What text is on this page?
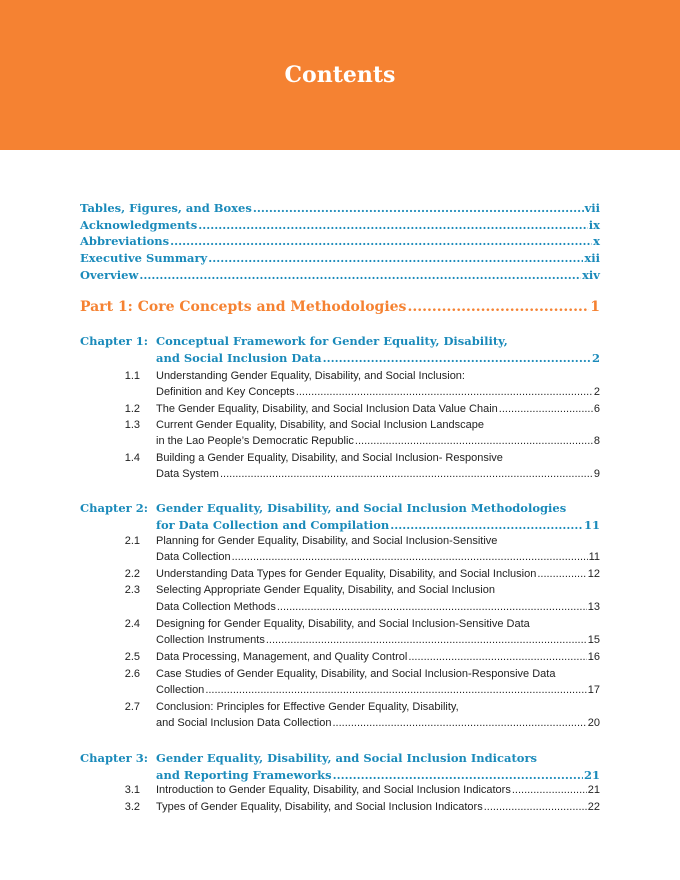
Contents
Tables, Figures, and Boxes .....	vii
Acknowledgments .....	ix
Abbreviations .....	x
Executive Summary .....	xii
Overview .....	xiv
Part 1: Core Concepts and Methodologies .....	1
Chapter 1: Conceptual Framework for Gender Equality, Disability,
and Social Inclusion Data .....	2
1.1 Understanding Gender Equality, Disability, and Social Inclusion:
Definition and Key Concepts .....	2
1.2 The Gender Equality, Disability, and Social Inclusion Data Value Chain .....	6
1.3 Current Gender Equality, Disability, and Social Inclusion Landscape
in the Lao People’s Democratic Republic .....	8
1.4 Building a Gender Equality, Disability, and Social Inclusion- Responsive
Data System .....	9
Chapter 2: Gender Equality, Disability, and Social Inclusion Methodologies
for Data Collection and Compilation .....	11
2.1 Planning for Gender Equality, Disability, and Social Inclusion-Sensitive
Data Collection .....	11
2.2 Understanding Data Types for Gender Equality, Disability, and Social Inclusion .....	12
2.3 Selecting Appropriate Gender Equality, Disability, and Social Inclusion
Data Collection Methods .....	13
2.4 Designing for Gender Equality, Disability, and Social Inclusion-Sensitive Data
Collection Instruments .....	15
2.5 Data Processing, Management, and Quality Control .....	16
2.6 Case Studies of Gender Equality, Disability, and Social Inclusion-Responsive Data
Collection .....	17
2.7 Conclusion: Principles for Effective Gender Equality, Disability,
and Social Inclusion Data Collection .....	20
Chapter 3: Gender Equality, Disability, and Social Inclusion Indicators
and Reporting Frameworks .....	21
3.1 Introduction to Gender Equality, Disability, and Social Inclusion Indicators .....	21
3.2 Types of Gender Equality, Disability, and Social Inclusion Indicators .....	22
